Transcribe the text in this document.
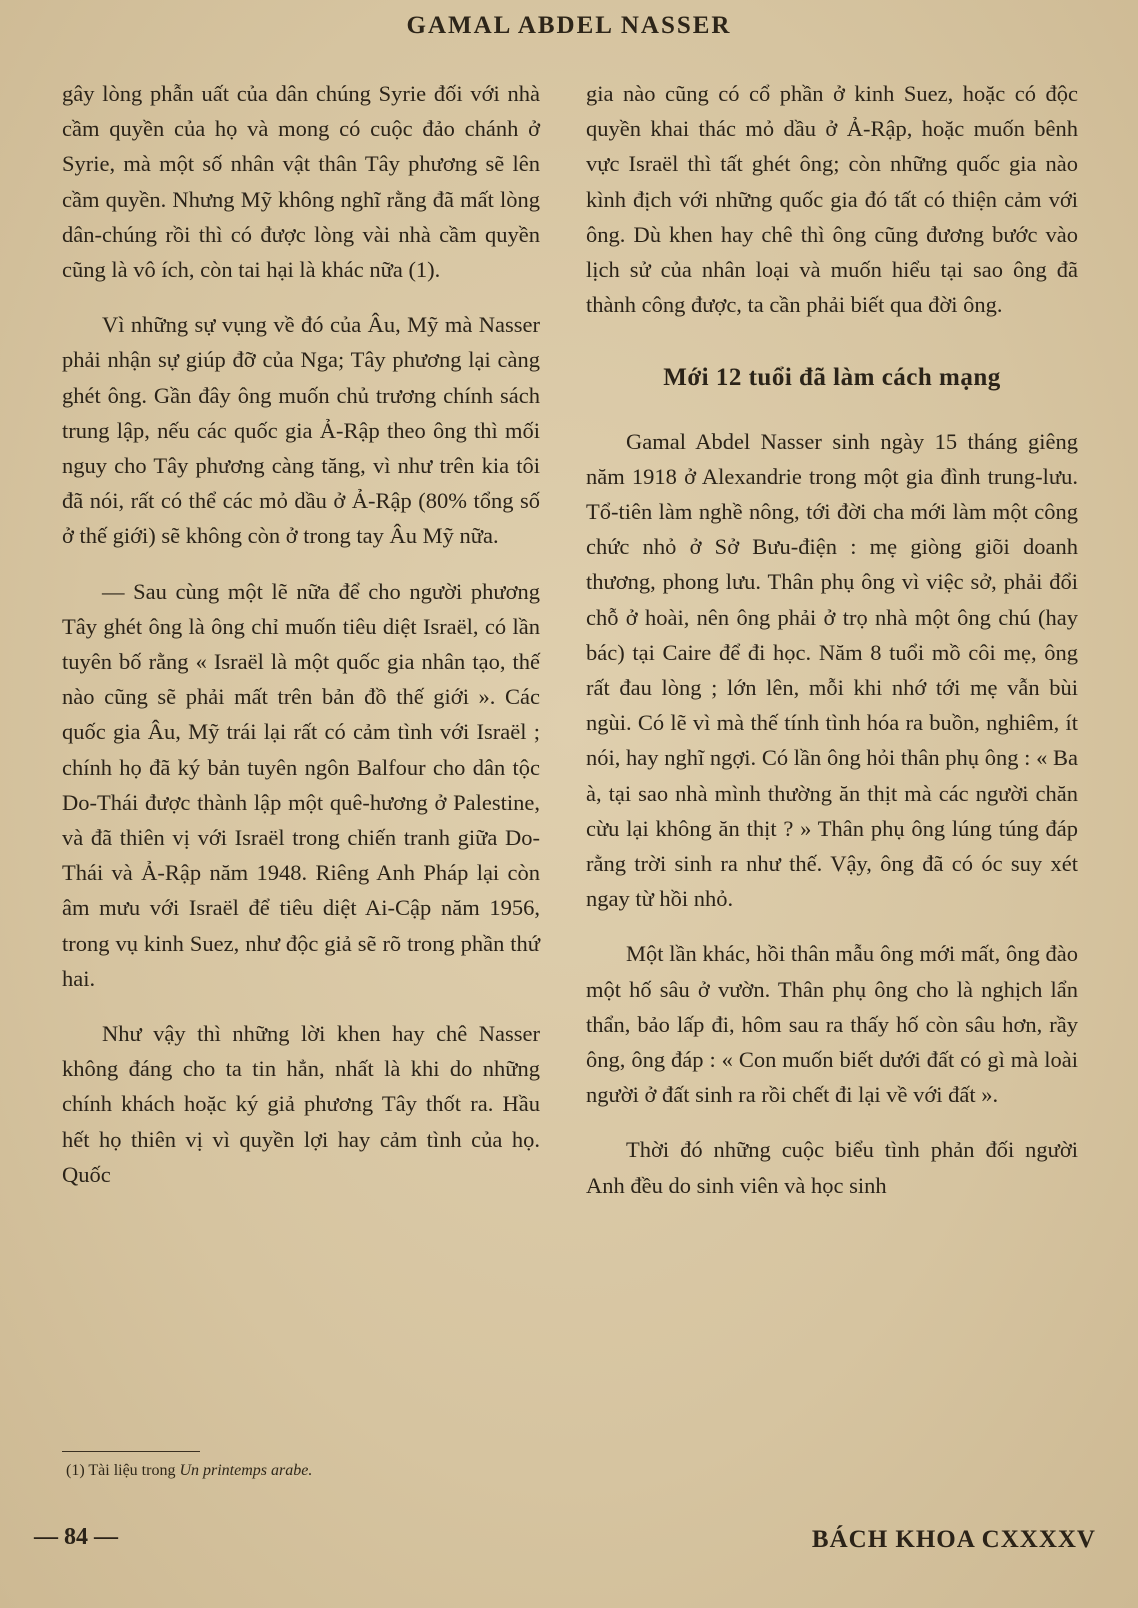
GAMAL ABDEL NASSER

gây lòng phẫn uất của dân chúng Syrie đối với nhà cầm quyền của họ và mong có cuộc đảo chánh ở Syrie, mà một số nhân vật thân Tây phương sẽ lên cầm quyền. Nhưng Mỹ không nghĩ rằng đã mất lòng dân-chúng rồi thì có được lòng vài nhà cầm quyền cũng là vô ích, còn tai hại là khác nữa (1).

Vì những sự vụng về đó của Âu, Mỹ mà Nasser phải nhận sự giúp đỡ của Nga; Tây phương lại càng ghét ông. Gần đây ông muốn chủ trương chính sách trung lập, nếu các quốc gia Ả-Rập theo ông thì mối nguy cho Tây phương càng tăng, vì như trên kia tôi đã nói, rất có thể các mỏ dầu ở Ả-Rập (80% tổng số ở thế giới) sẽ không còn ở trong tay Âu Mỹ nữa.

— Sau cùng một lẽ nữa để cho người phương Tây ghét ông là ông chỉ muốn tiêu diệt Israël, có lần tuyên bố rằng « Israël là một quốc gia nhân tạo, thế nào cũng sẽ phải mất trên bản đồ thế giới ». Các quốc gia Âu, Mỹ trái lại rất có cảm tình với Israël ; chính họ đã ký bản tuyên ngôn Balfour cho dân tộc Do-Thái được thành lập một quê-hương ở Palestine, và đã thiên vị với Israël trong chiến tranh giữa Do-Thái và Ả-Rập năm 1948. Riêng Anh Pháp lại còn âm mưu với Israël để tiêu diệt Ai-Cập năm 1956, trong vụ kinh Suez, như độc giả sẽ rõ trong phần thứ hai.

Như vậy thì những lời khen hay chê Nasser không đáng cho ta tin hẳn, nhất là khi do những chính khách hoặc ký giả phương Tây thốt ra. Hầu hết họ thiên vị vì quyền lợi hay cảm tình của họ. Quốc

gia nào cũng có cổ phần ở kinh Suez, hoặc có độc quyền khai thác mỏ dầu ở Ả-Rập, hoặc muốn bênh vực Israël thì tất ghét ông; còn những quốc gia nào kình địch với những quốc gia đó tất có thiện cảm với ông. Dù khen hay chê thì ông cũng đương bước vào lịch sử của nhân loại và muốn hiểu tại sao ông đã thành công được, ta cần phải biết qua đời ông.

Mới 12 tuổi đã làm cách mạng

Gamal Abdel Nasser sinh ngày 15 tháng giêng năm 1918 ở Alexandrie trong một gia đình trung-lưu. Tổ-tiên làm nghề nông, tới đời cha mới làm một công chức nhỏ ở Sở Bưu-điện : mẹ giòng giõi doanh thương, phong lưu. Thân phụ ông vì việc sở, phải đổi chỗ ở hoài, nên ông phải ở trọ nhà một ông chú (hay bác) tại Caire để đi học. Năm 8 tuổi mồ côi mẹ, ông rất đau lòng ; lớn lên, mỗi khi nhớ tới mẹ vẫn bùi ngùi. Có lẽ vì mà thế tính tình hóa ra buồn, nghiêm, ít nói, hay nghĩ ngợi. Có lần ông hỏi thân phụ ông : « Ba à, tại sao nhà mình thường ăn thịt mà các người chăn cừu lại không ăn thịt ? » Thân phụ ông lúng túng đáp rằng trời sinh ra như thế. Vậy, ông đã có óc suy xét ngay từ hồi nhỏ.

Một lần khác, hồi thân mẫu ông mới mất, ông đào một hố sâu ở vườn. Thân phụ ông cho là nghịch lẩn thẩn, bảo lấp đi, hôm sau ra thấy hố còn sâu hơn, rầy ông, ông đáp : « Con muốn biết dưới đất có gì mà loài người ở đất sinh ra rồi chết đi lại về với đất ».

Thời đó những cuộc biểu tình phản đối người Anh đều do sinh viên và học sinh

(1) Tài liệu trong Un printemps arabe.
— 84 —	BÁCH KHOA CXXXXV
